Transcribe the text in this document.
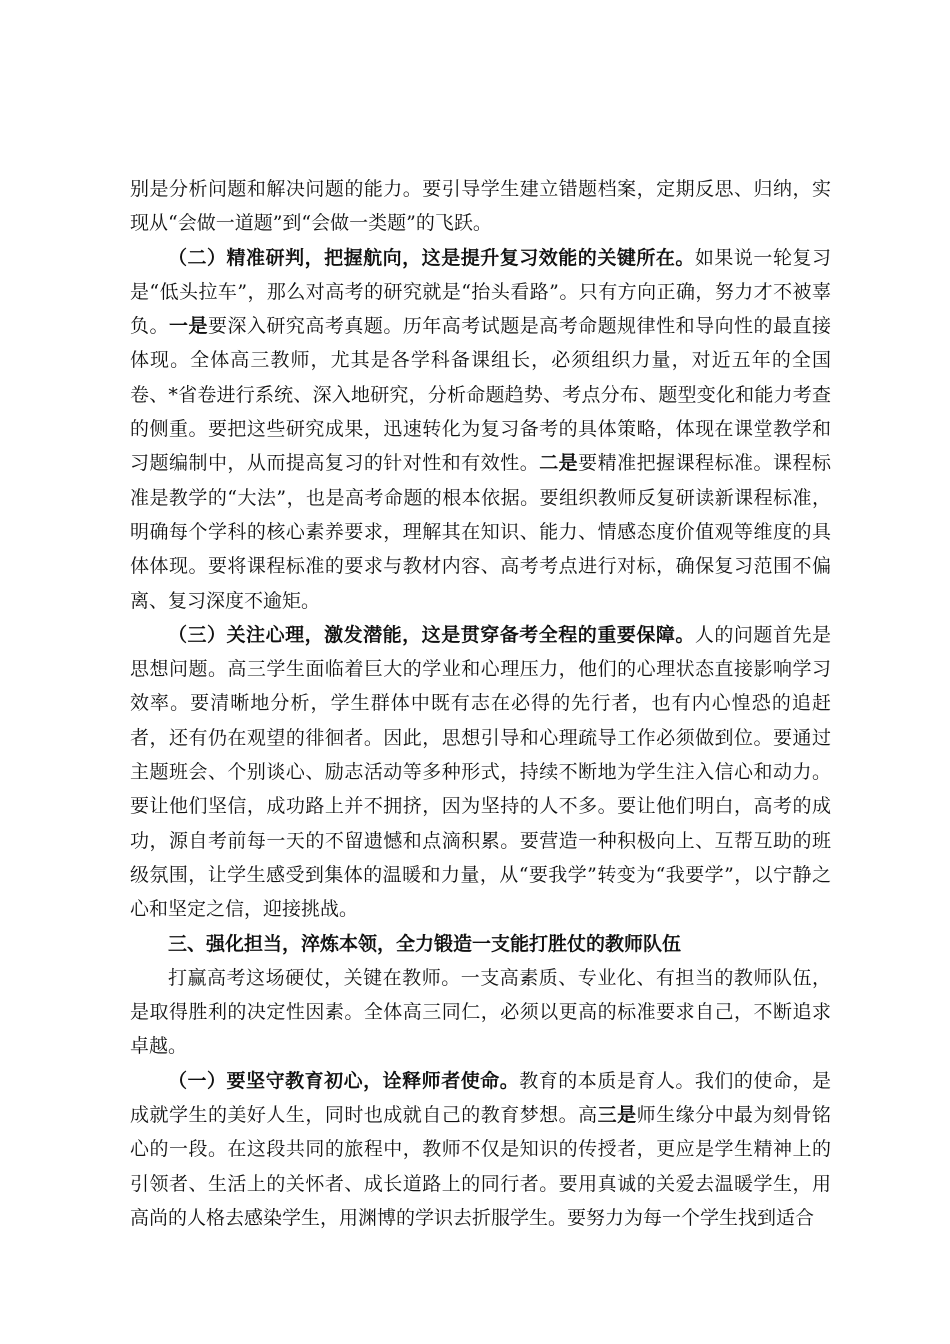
别是分析问题和解决问题的能力。要引导学生建立错题档案，定期反思、归纳，实现从“会做一道题”到“会做一类题”的飞跃。

（二）精准研判，把握航向，这是提升复习效能的关键所在。如果说一轮复习是“低头拉车”，那么对高考的研究就是“抬头看路”。只有方向正确，努力才不被辜负。一是要深入研究高考真题。历年高考试题是高考命题规律性和导向性的最直接体现。全体高三教师，尤其是各学科备课组长，必须组织力量，对近五年的全国卷、*省卷进行系统、深入地研究，分析命题趋势、考点分布、题型变化和能力考查的侧重。要把这些研究成果，迅速转化为复习备考的具体策略，体现在课堂教学和习题编制中，从而提高复习的针对性和有效性。二是要精准把握课程标准。课程标准是教学的“大法”，也是高考命题的根本依据。要组织教师反复研读新课程标准，明确每个学科的核心素养要求，理解其在知识、能力、情感态度价值观等维度的具体体现。要将课程标准的要求与教材内容、高考考点进行对标，确保复习范围不偏离、复习深度不逾矩。

（三）关注心理，激发潜能，这是贯穿备考全程的重要保障。人的问题首先是思想问题。高三学生面临着巨大的学业和心理压力，他们的心理状态直接影响学习效率。要清晰地分析，学生群体中既有志在必得的先行者，也有内心惶恐的追赶者，还有仍在观望的徘徊者。因此，思想引导和心理疏导工作必须做到位。要通过主题班会、个别谈心、励志活动等多种形式，持续不断地为学生注入信心和动力。要让他们坚信，成功路上并不拥挤，因为坚持的人不多。要让他们明白，高考的成功，源自考前每一天的不留遗憾和点滴积累。要营造一种积极向上、互帮互助的班级氛围，让学生感受到集体的温暖和力量，从“要我学”转变为“我要学”，以宁静之心和坚定之信，迎接挑战。

三、强化担当，淬炼本领，全力锻造一支能打胜仗的教师队伍

打赢高考这场硬仗，关键在教师。一支高素质、专业化、有担当的教师队伍，是取得胜利的决定性因素。全体高三同仁，必须以更高的标准要求自己，不断追求卓越。

（一）要坚守教育初心，诠释师者使命。教育的本质是育人。我们的使命，是成就学生的美好人生，同时也成就自己的教育梦想。高三是师生缘分中最为刻骨铭心的一段。在这段共同的旅程中，教师不仅是知识的传授者，更应是学生精神上的引领者、生活上的关怀者、成长道路上的同行者。要用真诚的关爱去温暖学生，用高尚的人格去感染学生，用渊博的学识去折服学生。要努力为每一个学生找到适合
